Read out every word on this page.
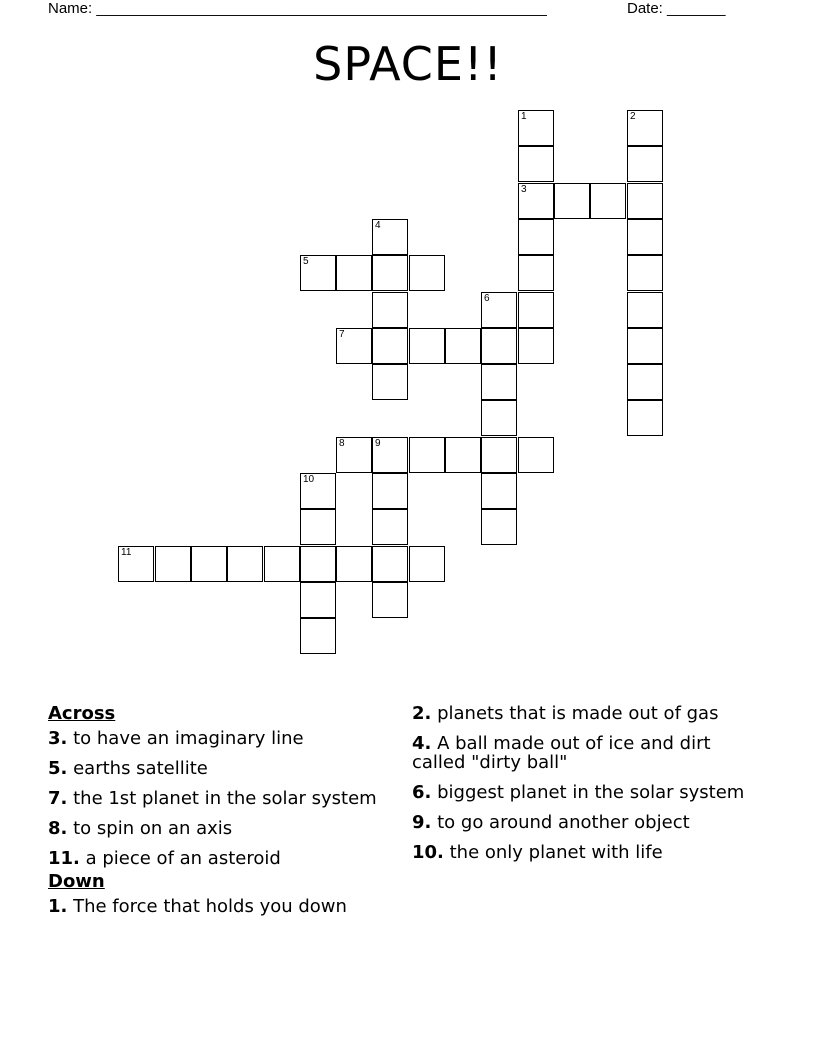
Name: ______________________________________________________	Date: _______
SPACE!!
1	2
3
4
5
6
7
8	9
10
11
Across
3. to have an imaginary line
5. earths satellite
7. the 1st planet in the solar system
8. to spin on an axis
11. a piece of an asteroid
Down
1. The force that holds you down
2. planets that is made out of gas
4. A ball made out of ice and dirt called "dirty ball"
6. biggest planet in the solar system
9. to go around another object
10. the only planet with life
